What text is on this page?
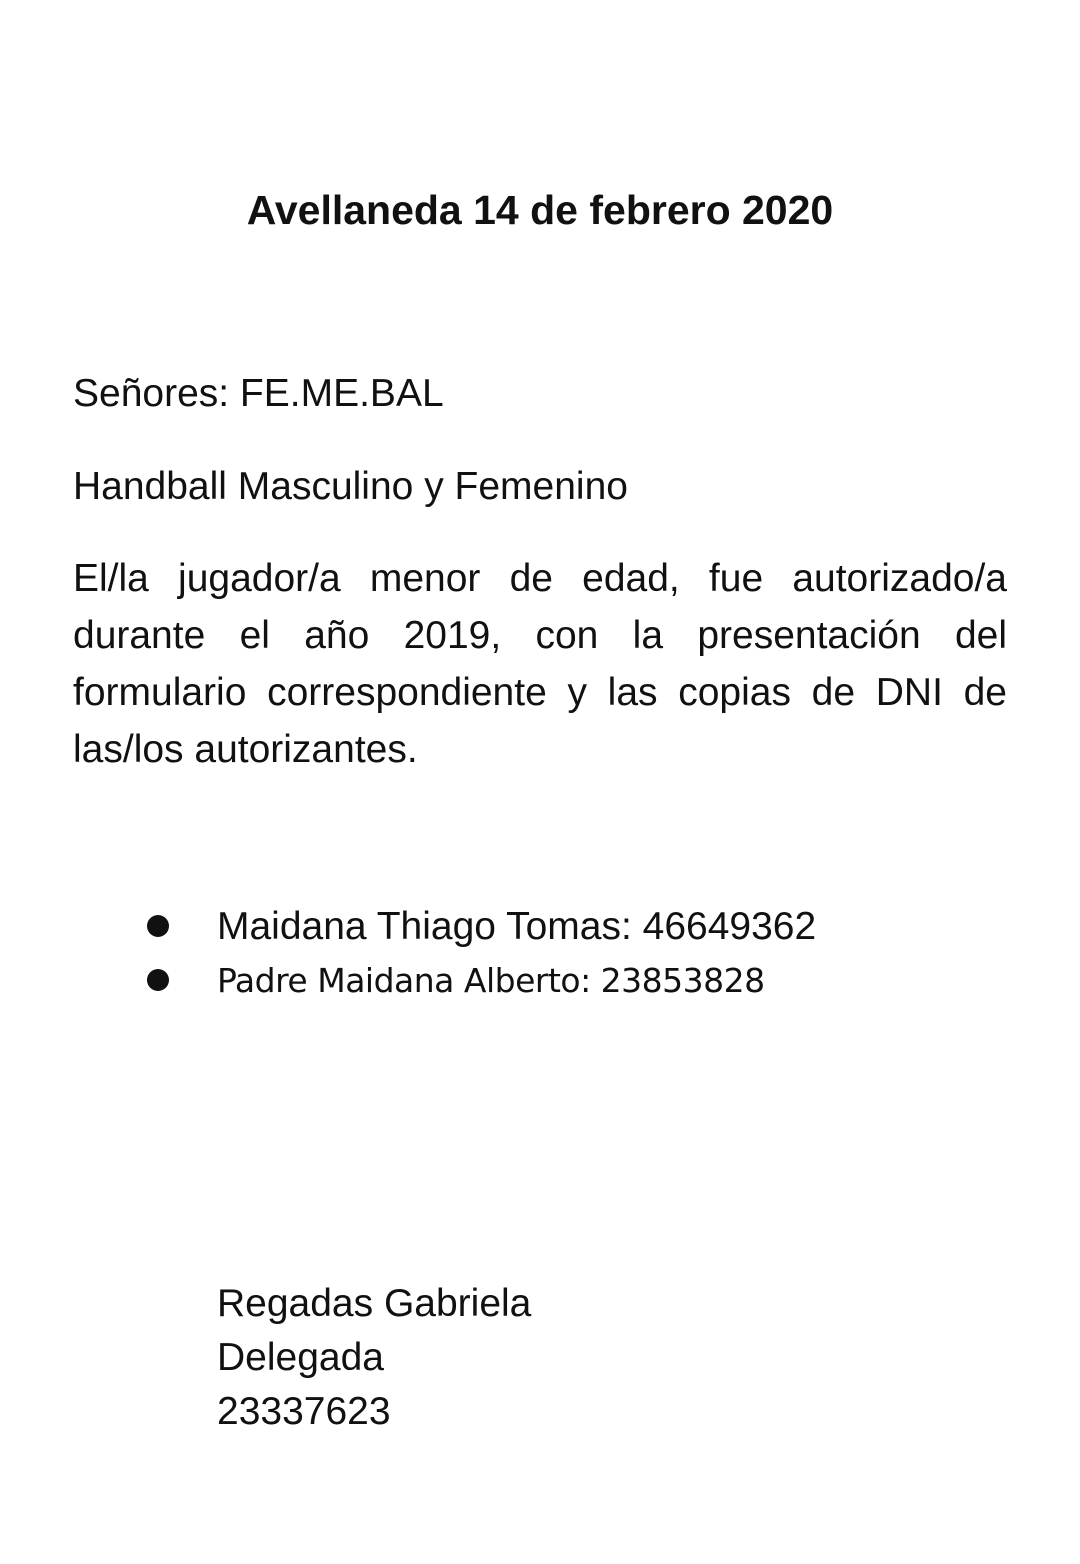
Avellaneda 14 de febrero 2020
Señores: FE.ME.BAL
Handball Masculino y Femenino
El/la jugador/a menor de edad, fue autorizado/a durante el año 2019, con la presentación del formulario correspondiente y las copias de DNI de las/los autorizantes.
Maidana Thiago Tomas: 46649362
Padre Maidana Alberto: 23853828
Regadas Gabriela
Delegada
23337623
